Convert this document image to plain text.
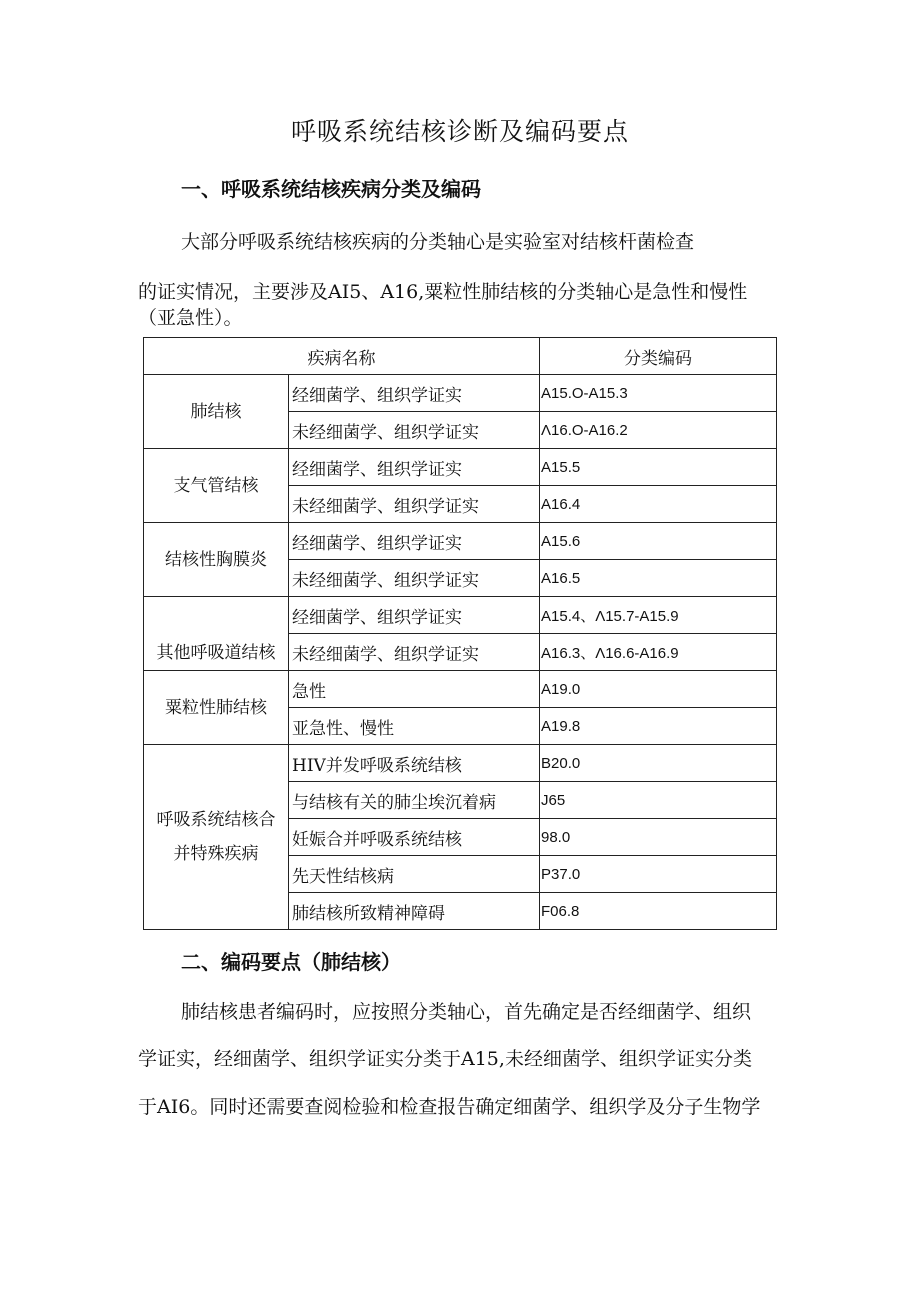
呼吸系统结核诊断及编码要点
一、呼吸系统结核疾病分类及编码
大部分呼吸系统结核疾病的分类轴心是实验室对结核杆菌检查
的证实情况，主要涉及AI5、A16,粟粒性肺结核的分类轴心是急性和慢性
（亚急性）。
疾病名称		分类编码

肺结核	经细菌学、组织学证实	A15.O-A15.3
	未经细菌学、组织学证实	Λ16.O-A16.2

支气管结核	经细菌学、组织学证实	A15.5
	未经细菌学、组织学证实	A16.4

结核性胸膜炎	经细菌学、组织学证实	A15.6
	未经细菌学、组织学证实	A16.5

其他呼吸道结核	经细菌学、组织学证实	A15.4、Λ15.7-A15.9
	未经细菌学、组织学证实	A16.3、Λ16.6-A16.9

粟粒性肺结核	急性	A19.0
	亚急性、慢性	A19.8

呼吸系统结核合
并特殊疾病	HIV并发呼吸系统结核	B20.0
	与结核有关的肺尘埃沉着病	J65
	妊娠合并呼吸系统结核	98.0
	先天性结核病	P37.0
	肺结核所致精神障碍	F06.8
二、编码要点（肺结核）
肺结核患者编码时，应按照分类轴心，首先确定是否经细菌学、组织
学证实，经细菌学、组织学证实分类于A15,未经细菌学、组织学证实分类
于AI6。同时还需要查阅检验和检查报告确定细菌学、组织学及分子生物学
